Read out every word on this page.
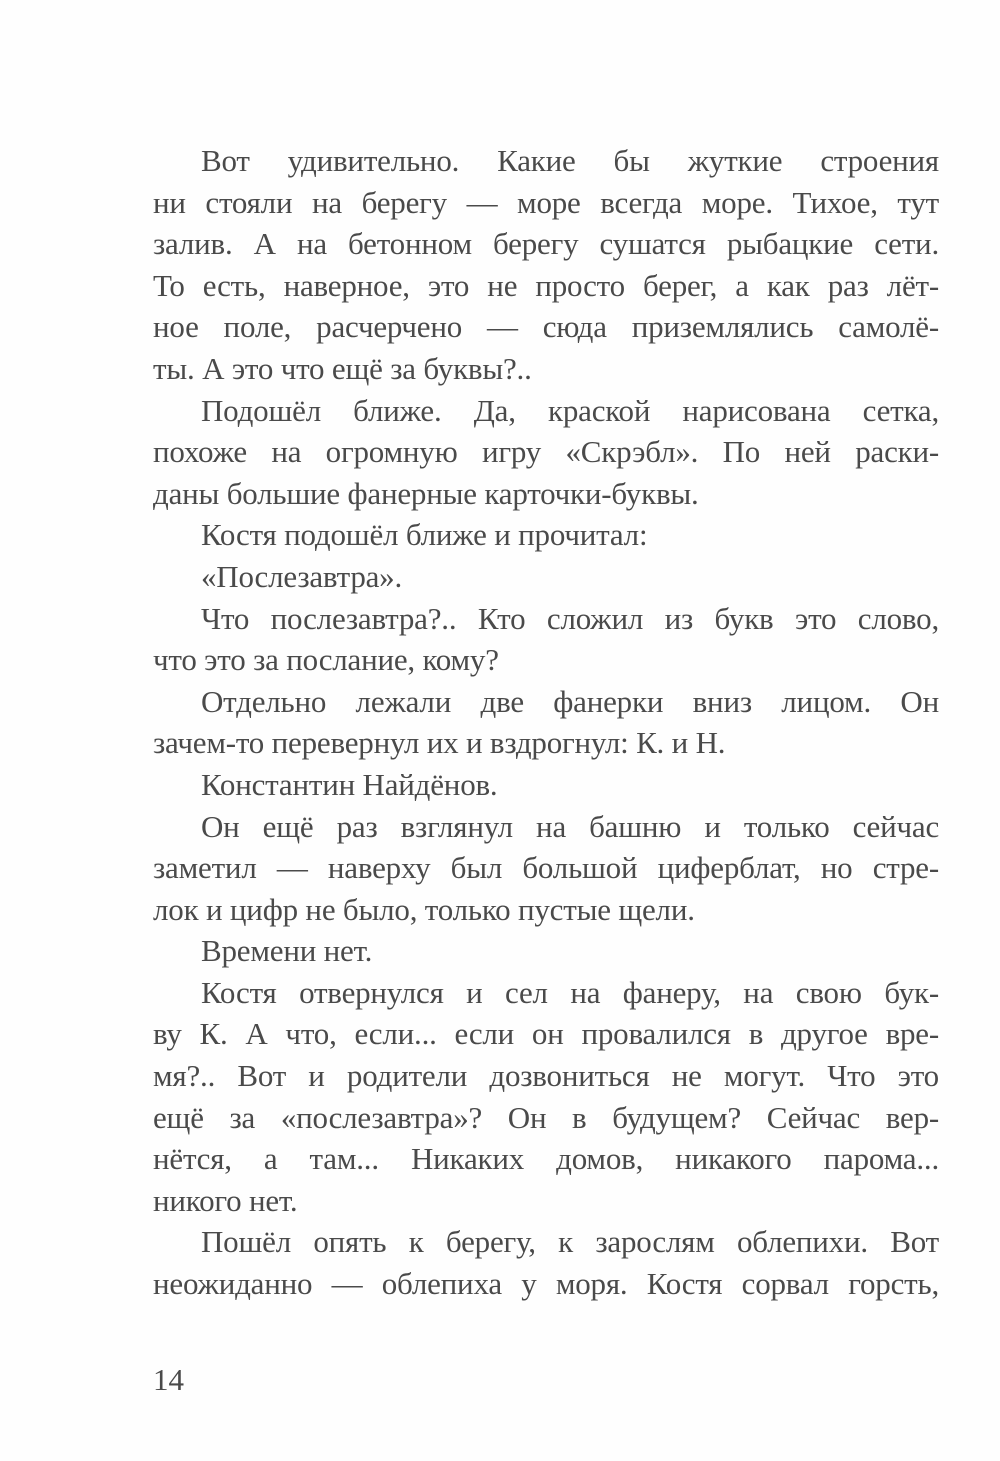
Вот удивительно. Какие бы жуткие строения
ни стояли на берегу — море всегда море. Тихое, тут
залив. А на бетонном берегу сушатся рыбацкие сети.
То есть, наверное, это не просто берег, а как раз лёт-
ное поле, расчерчено — сюда приземлялись самолё-
ты. А это что ещё за буквы?..
Подошёл ближе. Да, краской нарисована сетка,
похоже на огромную игру «Скрэбл». По ней раски-
даны большие фанерные карточки-буквы.
Костя подошёл ближе и прочитал:
«Послезавтра».
Что послезавтра?.. Кто сложил из букв это слово,
что это за послание, кому?
Отдельно лежали две фанерки вниз лицом. Он
зачем-то перевернул их и вздрогнул: К. и Н.
Константин Найдёнов.
Он ещё раз взглянул на башню и только сейчас
заметил — наверху был большой циферблат, но стре-
лок и цифр не было, только пустые щели.
Времени нет.
Костя отвернулся и сел на фанеру, на свою бук-
ву К. А что, если... если он провалился в другое вре-
мя?.. Вот и родители дозвониться не могут. Что это
ещё за «послезавтра»? Он в будущем? Сейчас вер-
нётся, а там... Никаких домов, никакого парома...
никого нет.
Пошёл опять к берегу, к зарослям облепихи. Вот
неожиданно — облепиха у моря. Костя сорвал горсть,
14
